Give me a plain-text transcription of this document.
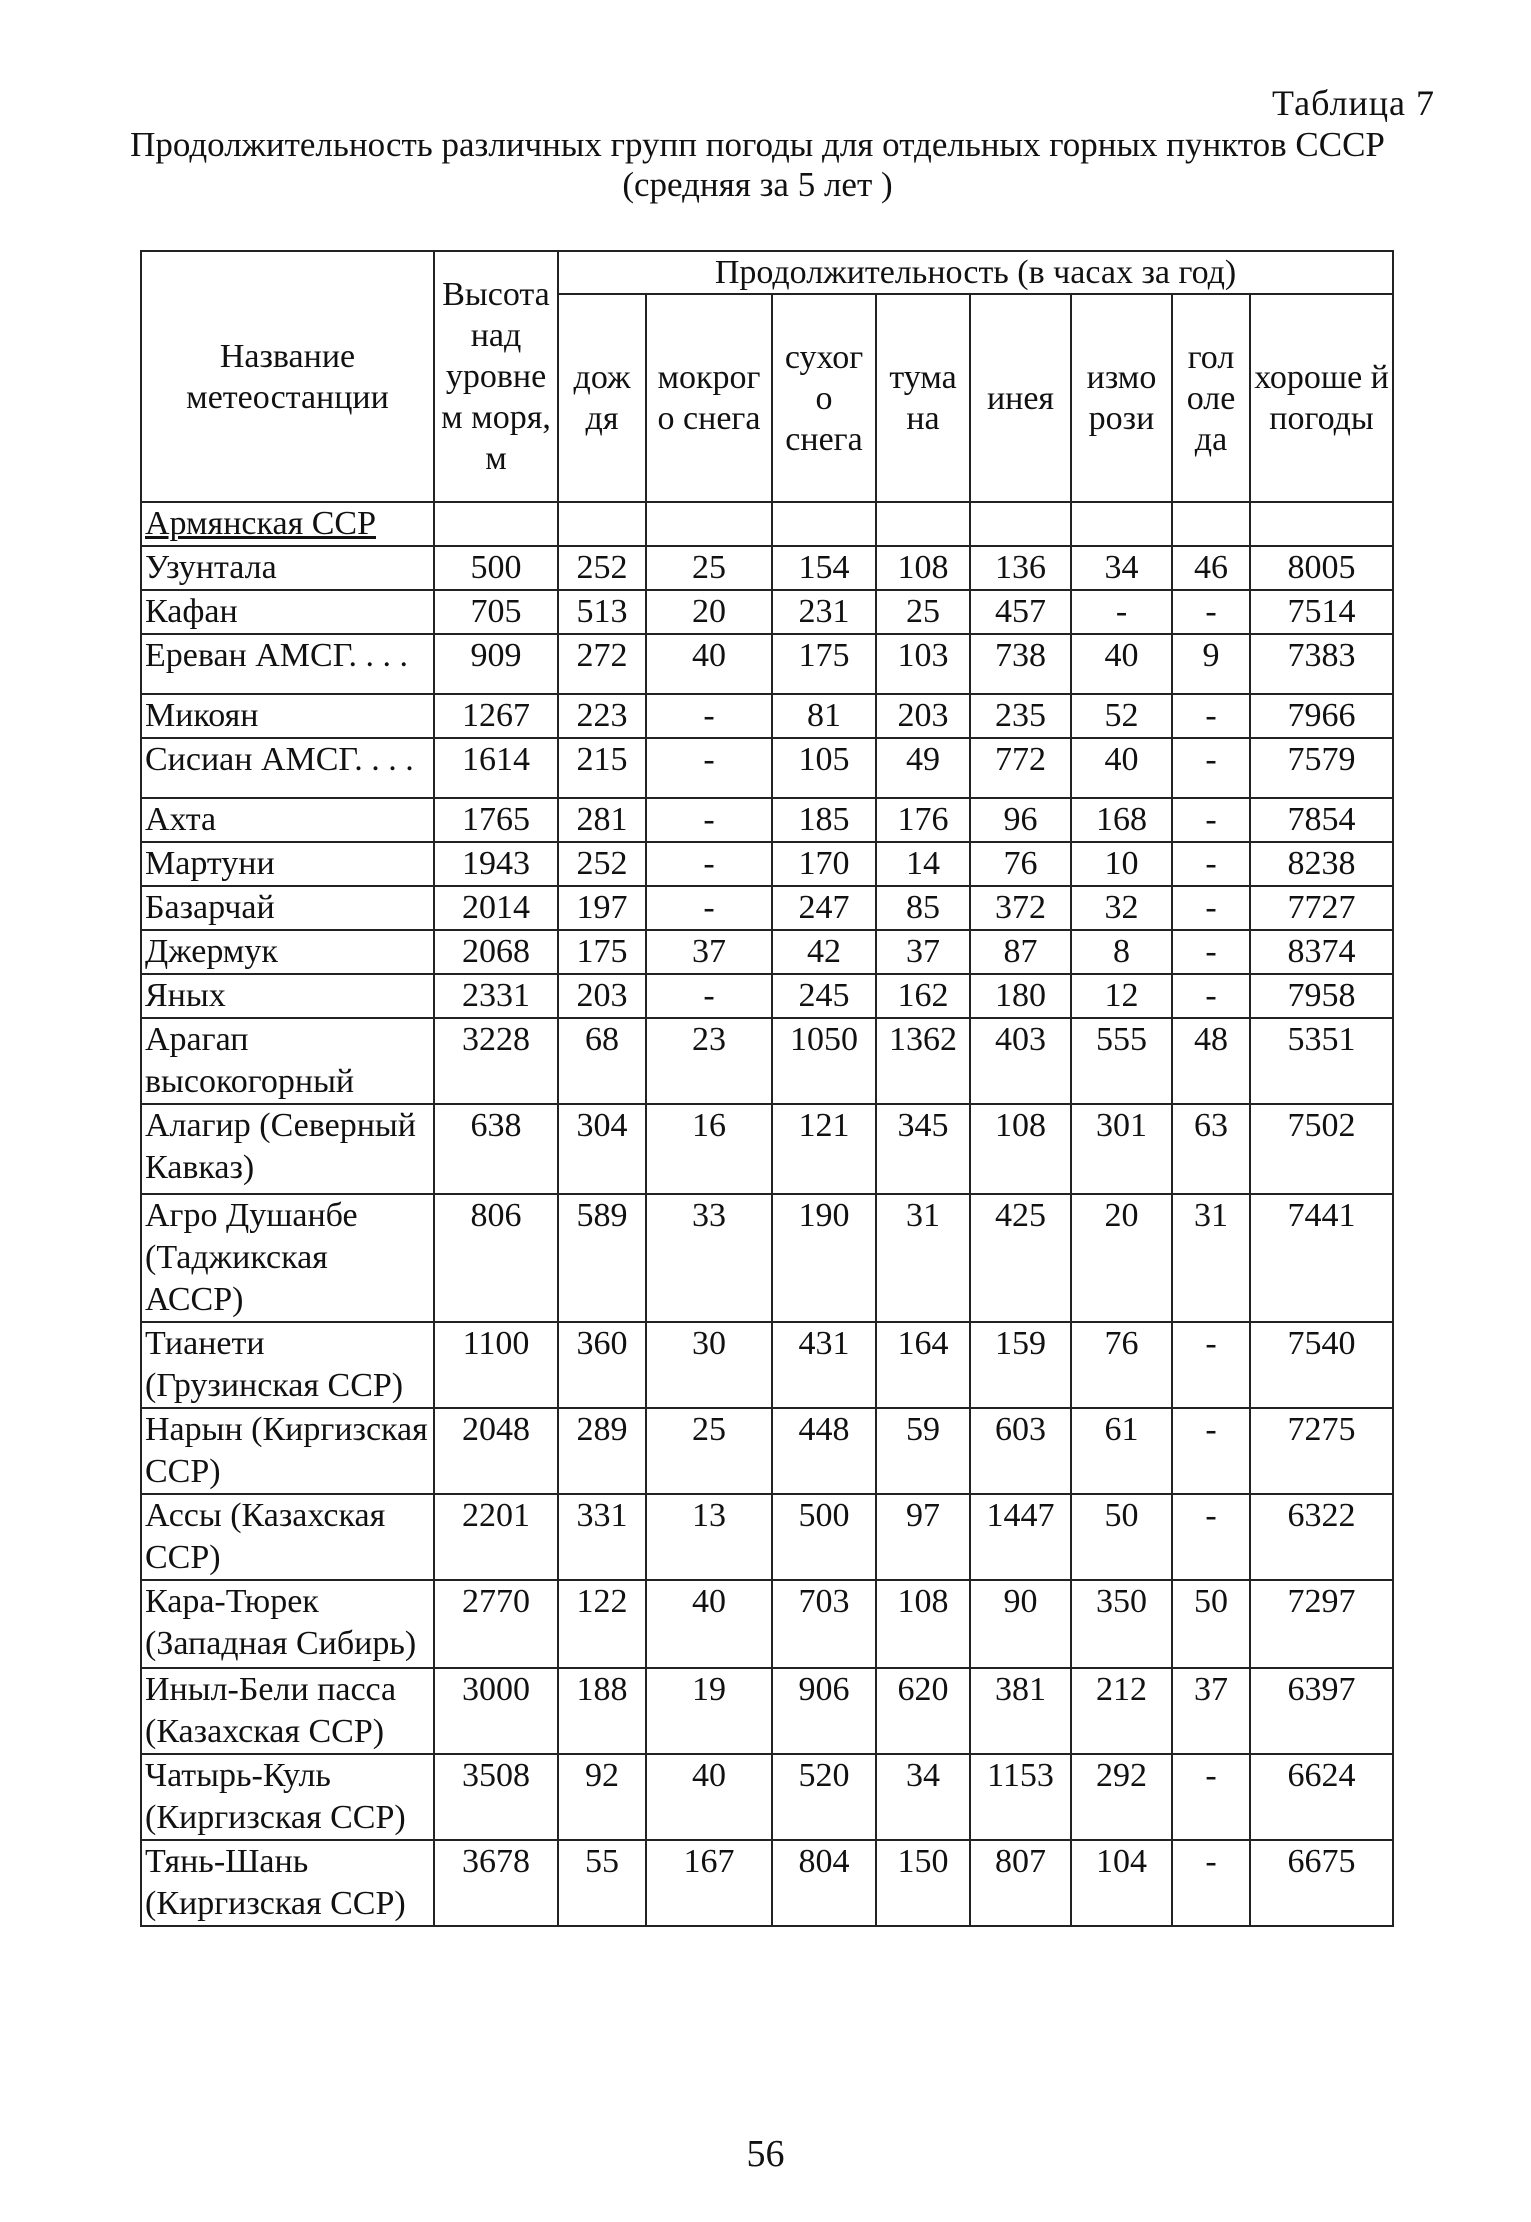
Таблица 7
Продолжительность различных групп погоды для отдельных горных пунктов СССР
(средняя за 5 лет )
Название метеостанции	Высота над уровне м моря, м	Продолжительность (в часах за год)							
		дож дя	мокрог о снега	сухог о снега	тума на	инея	измо рози	гол оле да	хороше й погоды
Армянская ССР									
Узунтала	500	252	25	154	108	136	34	46	8005
Кафан	705	513	20	231	25	457	-	-	7514
Ереван АМСГ. . . .	909	272	40	175	103	738	40	9	7383
Микоян	1267	223	-	81	203	235	52	-	7966
Сисиан АМСГ. . . .	1614	215	-	105	49	772	40	-	7579
Ахта	1765	281	-	185	176	96	168	-	7854
Мартуни	1943	252	-	170	14	76	10	-	8238
Базарчай	2014	197	-	247	85	372	32	-	7727
Джермук	2068	175	37	42	37	87	8	-	8374
Яных	2331	203	-	245	162	180	12	-	7958
Арагап высокогорный	3228	68	23	1050	1362	403	555	48	5351
Алагир (Северный Кавказ)	638	304	16	121	345	108	301	63	7502
Агро Душанбе (Таджикская АССР)	806	589	33	190	31	425	20	31	7441
Тианети (Грузинская ССР)	1100	360	30	431	164	159	76	-	7540
Нарын (Киргизская ССР)	2048	289	25	448	59	603	61	-	7275
Ассы (Казахская ССР)	2201	331	13	500	97	1447	50	-	6322
Кара-Тюрек (Западная Сибирь)	2770	122	40	703	108	90	350	50	7297
Иныл-Бели пасса (Казахская ССР)	3000	188	19	906	620	381	212	37	6397
Чатырь-Куль (Киргизская ССР)	3508	92	40	520	34	1153	292	-	6624
Тянь-Шань (Киргизская ССР)	3678	55	167	804	150	807	104	-	6675
56
